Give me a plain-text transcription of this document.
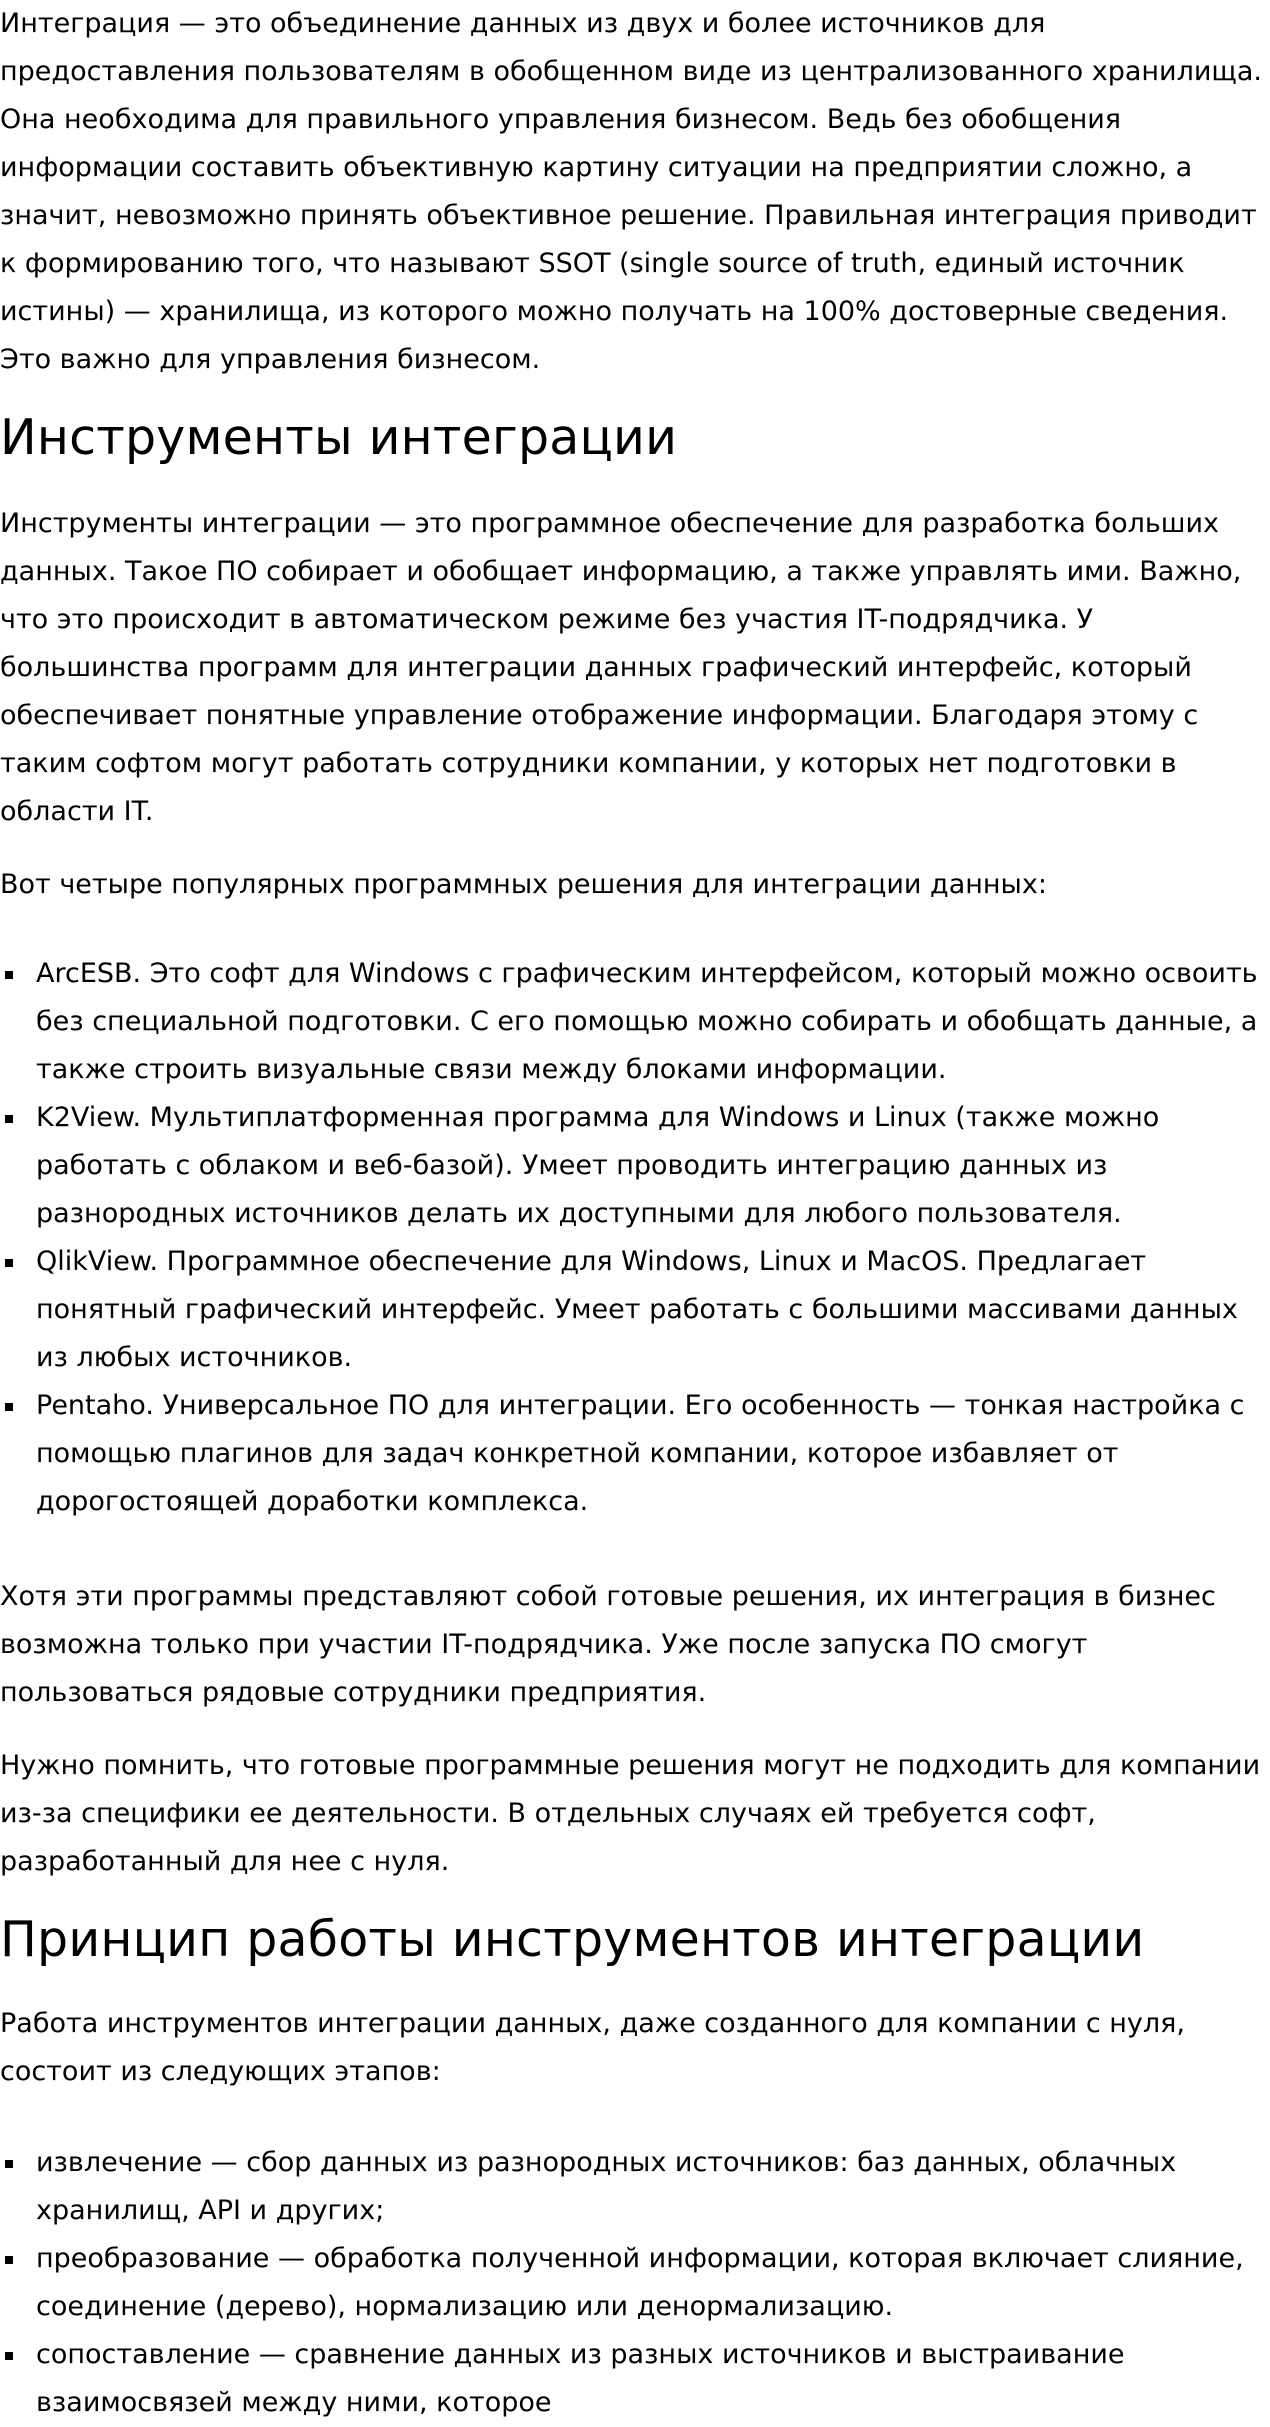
Интеграция — это объединение данных из двух и более источников для предоставления пользователям в обобщенном виде из централизованного хранилища. Она необходима для правильного управления бизнесом. Ведь без обобщения информации составить объективную картину ситуации на предприятии сложно, а значит, невозможно принять объективное решение. Правильная интеграция приводит к формированию того, что называют SSOT (single source of truth, единый источник истины) — хранилища, из которого можно получать на 100% достоверные сведения. Это важно для управления бизнесом.

Инструменты интеграции

Инструменты интеграции — это программное обеспечение для разработка больших данных. Такое ПО собирает и обобщает информацию, а также управлять ими. Важно, что это происходит в автоматическом режиме без участия IT-подрядчика. У большинства программ для интеграции данных графический интерфейс, который обеспечивает понятные управление отображение информации. Благодаря этому с таким софтом могут работать сотрудники компании, у которых нет подготовки в области IT.

Вот четыре популярных программных решения для интеграции данных:

ArcESB. Это софт для Windows с графическим интерфейсом, который можно освоить без специальной подготовки. С его помощью можно собирать и обобщать данные, а также строить визуальные связи между блоками информации.
K2View. Мультиплатформенная программа для Windows и Linux (также можно работать с облаком и веб-базой). Умеет проводить интеграцию данных из разнородных источников делать их доступными для любого пользователя.
QlikView. Программное обеспечение для Windows, Linux и MacOS. Предлагает понятный графический интерфейс. Умеет работать с большими массивами данных из любых источников.
Pentaho. Универсальное ПО для интеграции. Его особенность — тонкая настройка с помощью плагинов для задач конкретной компании, которое избавляет от дорогостоящей доработки комплекса.

Хотя эти программы представляют собой готовые решения, их интеграция в бизнес возможна только при участии IT-подрядчика. Уже после запуска ПО смогут пользоваться рядовые сотрудники предприятия.

Нужно помнить, что готовые программные решения могут не подходить для компании из-за специфики ее деятельности. В отдельных случаях ей требуется софт, разработанный для нее с нуля.

Принцип работы инструментов интеграции

Работа инструментов интеграции данных, даже созданного для компании с нуля, состоит из следующих этапов:

извлечение — сбор данных из разнородных источников: баз данных, облачных хранилищ, API и других;
преобразование — обработка полученной информации, которая включает слияние, соединение (дерево), нормализацию или денормализацию.
сопоставление — сравнение данных из разных источников и выстраивание взаимосвязей между ними, которое
